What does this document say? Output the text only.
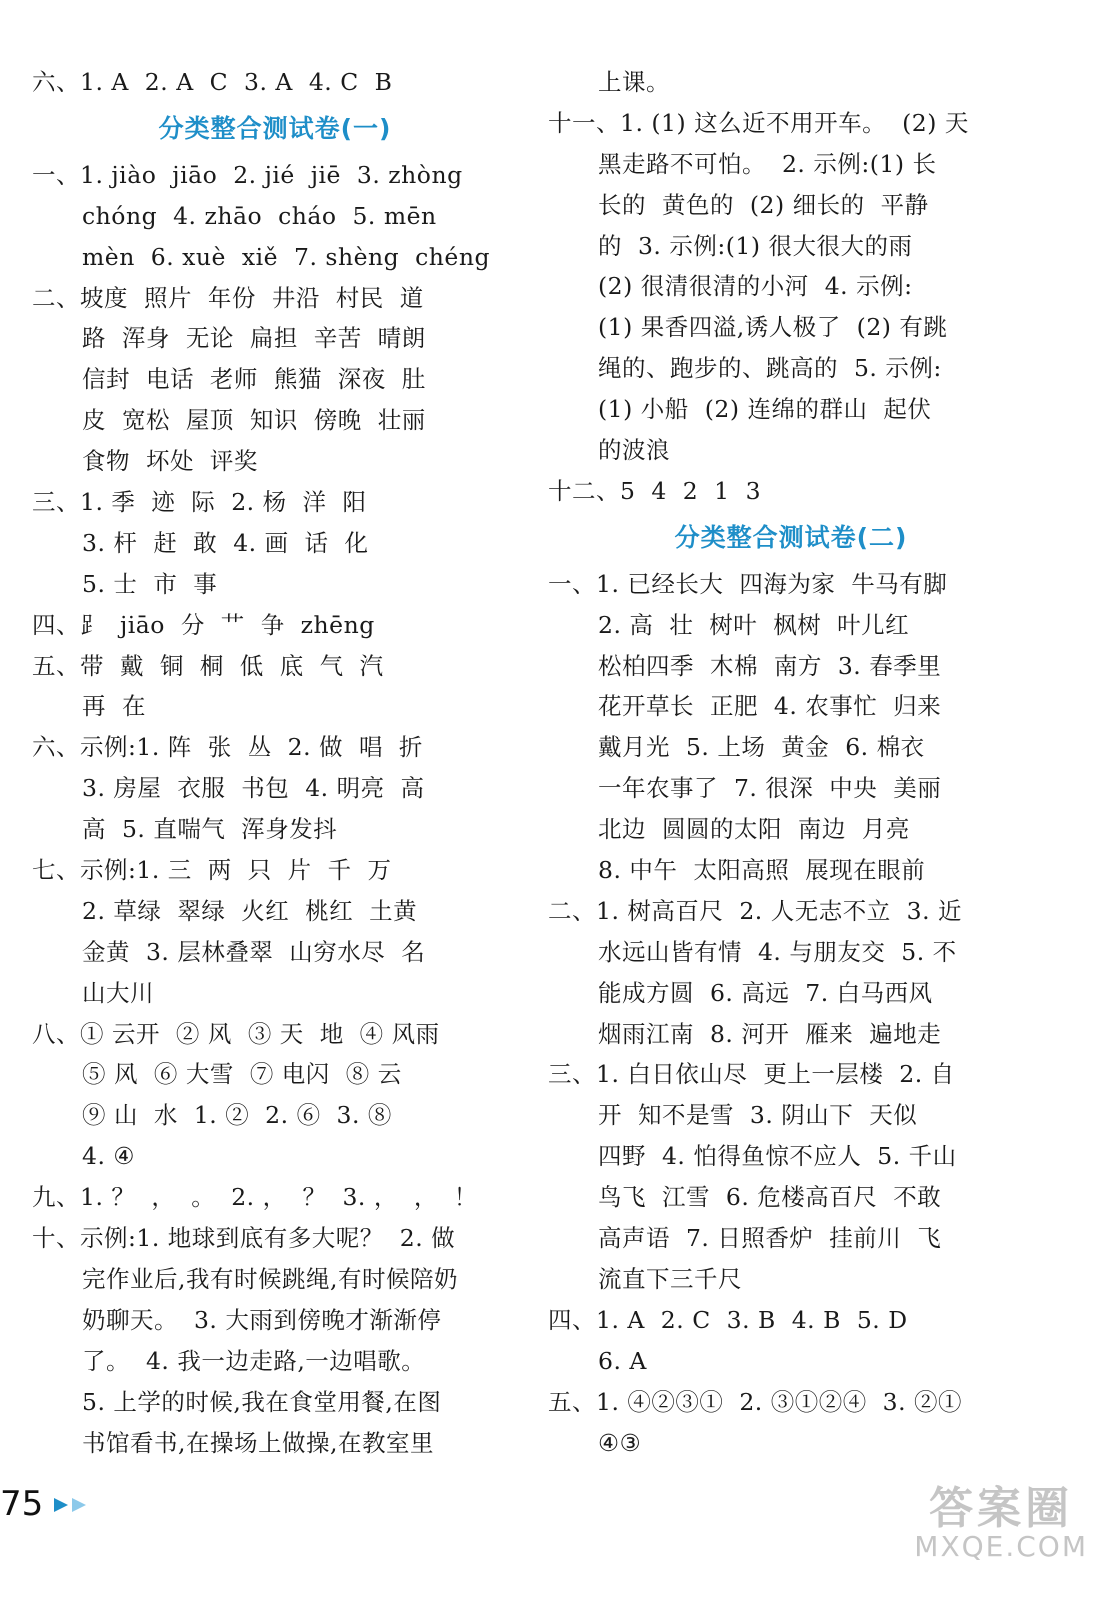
六、1. A  2. A  C  3. A  4. C  B
分类整合测试卷(一)
一、1. jiào  jiāo  2. jié  jiē  3. zhòng
chóng  4. zhāo  cháo  5. mēn
mèn  6. xuè  xiě  7. shèng  chéng
二、坡度  照片  年份  井沿  村民  道
路  浑身  无论  扁担  辛苦  晴朗
信封  电话  老师  熊猫  深夜  肚
皮  宽松  屋顶  知识  傍晚  壮丽
食物  坏处  评奖
三、1. 季  迹  际  2. 杨  洋  阳
3. 杆  赶  敢  4. 画  话  化
5. 士  市  事
四、⻊  jiāo  分  艹  争  zhēng
五、带  戴  铜  桐  低  底  气  汽
再  在
六、示例:1. 阵  张  丛  2. 做  唱  折
3. 房屋  衣服  书包  4. 明亮  高
高  5. 直喘气  浑身发抖
七、示例:1. 三  两  只  片  千  万
2. 草绿  翠绿  火红  桃红  土黄
金黄  3. 层林叠翠  山穷水尽  名
山大川
八、① 云开  ② 风  ③ 天  地  ④ 风雨
⑤ 风  ⑥ 大雪  ⑦ 电闪  ⑧ 云
⑨ 山  水  1. ②  2. ⑥  3. ⑧
4. ④
九、1. ？  ，  。  2. ，  ？  3. ，  ，  ！
十、示例:1. 地球到底有多大呢？  2. 做
完作业后,我有时候跳绳,有时候陪奶
奶聊天。  3. 大雨到傍晚才渐渐停
了。  4. 我一边走路,一边唱歌。
5. 上学的时候,我在食堂用餐,在图
书馆看书,在操场上做操,在教室里
上课。
十一、1. (1) 这么近不用开车。  (2) 天
黑走路不可怕。  2. 示例:(1) 长
长的  黄色的  (2) 细长的  平静
的  3. 示例:(1) 很大很大的雨
(2) 很清很清的小河  4. 示例:
(1) 果香四溢,诱人极了  (2) 有跳
绳的、跑步的、跳高的  5. 示例:
(1) 小船  (2) 连绵的群山  起伏
的波浪
十二、5  4  2  1  3
分类整合测试卷(二)
一、1. 已经长大  四海为家  牛马有脚
2. 高  壮  树叶  枫树  叶儿红
松柏四季  木棉  南方  3. 春季里
花开草长  正肥  4. 农事忙  归来
戴月光  5. 上场  黄金  6. 棉衣
一年农事了  7. 很深  中央  美丽
北边  圆圆的太阳  南边  月亮
8. 中午  太阳高照  展现在眼前
二、1. 树高百尺  2. 人无志不立  3. 近
水远山皆有情  4. 与朋友交  5. 不
能成方圆  6. 高远  7. 白马西风
烟雨江南  8. 河开  雁来  遍地走
三、1. 白日依山尽  更上一层楼  2. 自
开  知不是雪  3. 阴山下  天似
四野  4. 怕得鱼惊不应人  5. 千山
鸟飞  江雪  6. 危楼高百尺  不敢
高声语  7. 日照香炉  挂前川  飞
流直下三千尺
四、1. A  2. C  3. B  4. B  5. D
6. A
五、1. ④②③①  2. ③①②④  3. ②①
④③
75	答案圈
MXQE.COM
